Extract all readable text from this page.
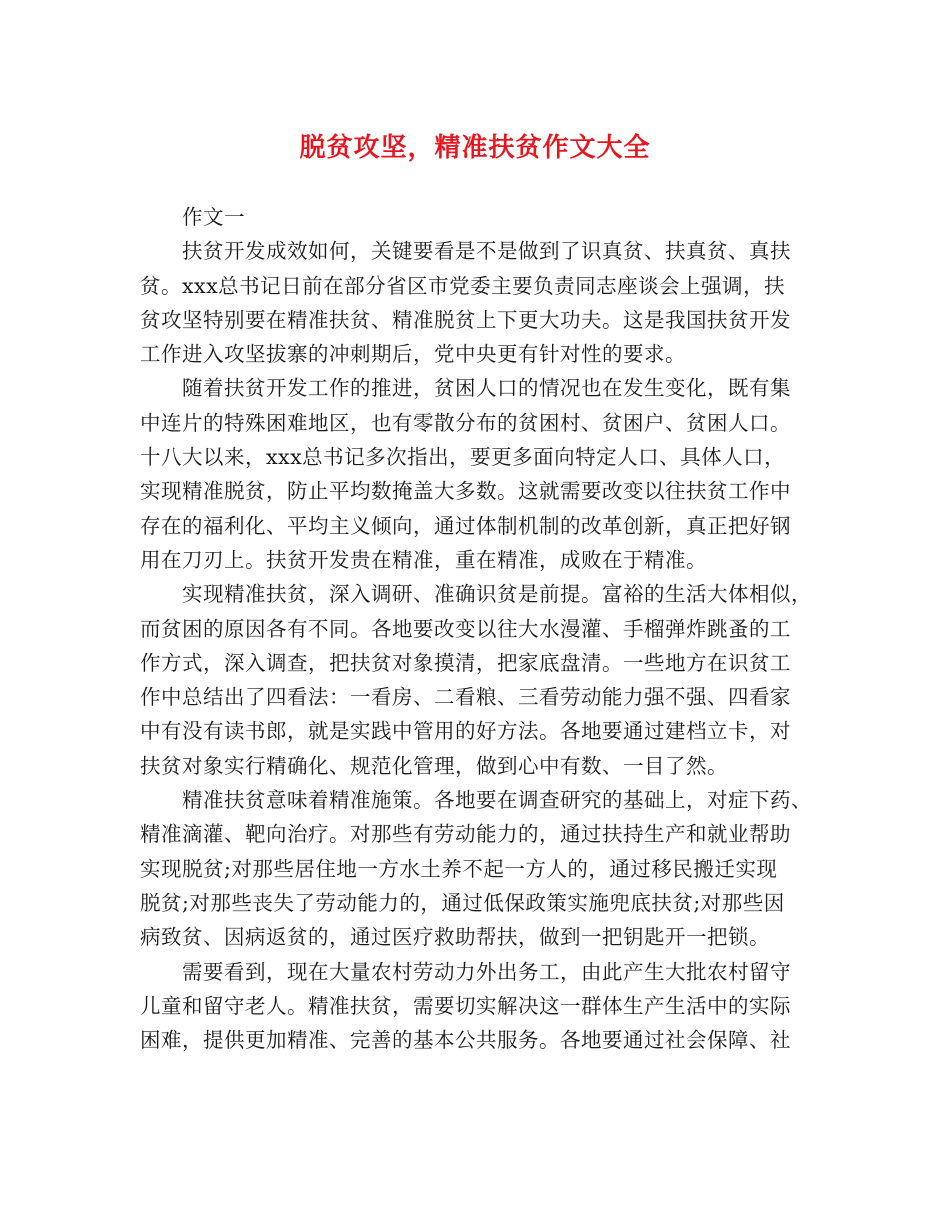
脱贫攻坚，精准扶贫作文大全

作文一

扶贫开发成效如何，关键要看是不是做到了识真贫、扶真贫、真扶

贫。xxx总书记日前在部分省区市党委主要负责同志座谈会上强调，扶

贫攻坚特别要在精准扶贫、精准脱贫上下更大功夫。这是我国扶贫开发

工作进入攻坚拔寨的冲刺期后，党中央更有针对性的要求。

随着扶贫开发工作的推进，贫困人口的情况也在发生变化，既有集

中连片的特殊困难地区，也有零散分布的贫困村、贫困户、贫困人口。

十八大以来，xxx总书记多次指出，要更多面向特定人口、具体人口，

实现精准脱贫，防止平均数掩盖大多数。这就需要改变以往扶贫工作中

存在的福利化、平均主义倾向，通过体制机制的改革创新，真正把好钢

用在刀刃上。扶贫开发贵在精准，重在精准，成败在于精准。

实现精准扶贫，深入调研、准确识贫是前提。富裕的生活大体相似，

而贫困的原因各有不同。各地要改变以往大水漫灌、手榴弹炸跳蚤的工

作方式，深入调查，把扶贫对象摸清，把家底盘清。一些地方在识贫工

作中总结出了四看法：一看房、二看粮、三看劳动能力强不强、四看家

中有没有读书郎，就是实践中管用的好方法。各地要通过建档立卡，对

扶贫对象实行精确化、规范化管理，做到心中有数、一目了然。

精准扶贫意味着精准施策。各地要在调查研究的基础上，对症下药、

精准滴灌、靶向治疗。对那些有劳动能力的，通过扶持生产和就业帮助

实现脱贫;对那些居住地一方水土养不起一方人的，通过移民搬迁实现

脱贫;对那些丧失了劳动能力的，通过低保政策实施兜底扶贫;对那些因

病致贫、因病返贫的，通过医疗救助帮扶，做到一把钥匙开一把锁。

需要看到，现在大量农村劳动力外出务工，由此产生大批农村留守

儿童和留守老人。精准扶贫，需要切实解决这一群体生产生活中的实际

困难，提供更加精准、完善的基本公共服务。各地要通过社会保障、社
